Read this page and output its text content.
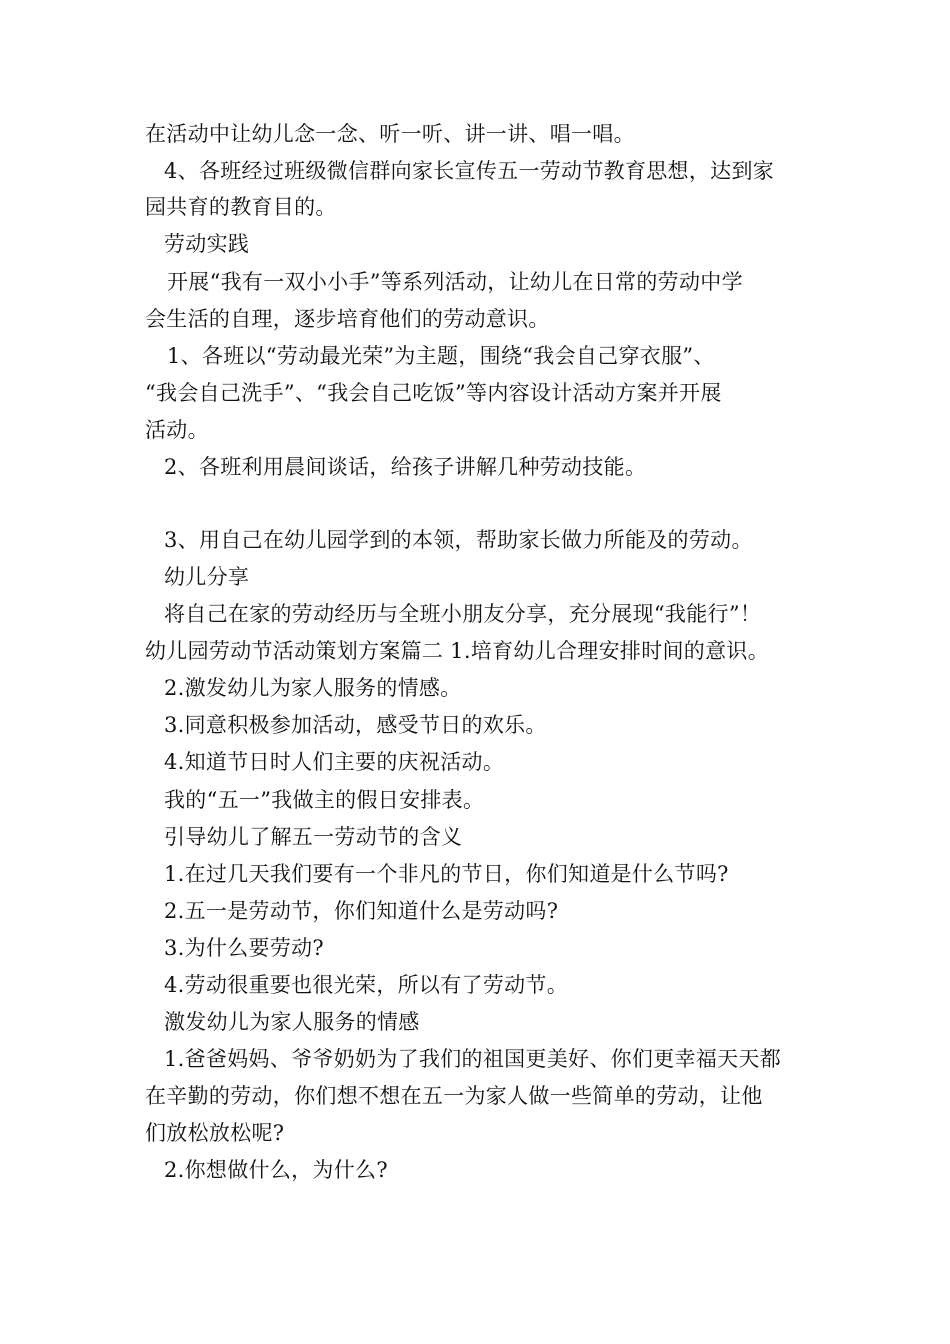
在活动中让幼儿念一念、听一听、讲一讲、唱一唱。
4、各班经过班级微信群向家长宣传五一劳动节教育思想，达到家
园共育的教育目的。
劳动实践
开展“我有一双小小手”等系列活动，让幼儿在日常的劳动中学
会生活的自理，逐步培育他们的劳动意识。
1、各班以“劳动最光荣”为主题，围绕“我会自己穿衣服”、
“我会自己洗手”、“我会自己吃饭”等内容设计活动方案并开展
活动。
2、各班利用晨间谈话，给孩子讲解几种劳动技能。
3、用自己在幼儿园学到的本领，帮助家长做力所能及的劳动。
幼儿分享
将自己在家的劳动经历与全班小朋友分享，充分展现“我能行”！
幼儿园劳动节活动策划方案篇二 1.培育幼儿合理安排时间的意识。
2.激发幼儿为家人服务的情感。
3.同意积极参加活动，感受节日的欢乐。
4.知道节日时人们主要的庆祝活动。
我的“五一”我做主的假日安排表。
引导幼儿了解五一劳动节的含义
1.在过几天我们要有一个非凡的节日，你们知道是什么节吗?
2.五一是劳动节，你们知道什么是劳动吗?
3.为什么要劳动?
4.劳动很重要也很光荣，所以有了劳动节。
激发幼儿为家人服务的情感
1.爸爸妈妈、爷爷奶奶为了我们的祖国更美好、你们更幸福天天都
在辛勤的劳动，你们想不想在五一为家人做一些简单的劳动，让他
们放松放松呢?
2.你想做什么，为什么?
